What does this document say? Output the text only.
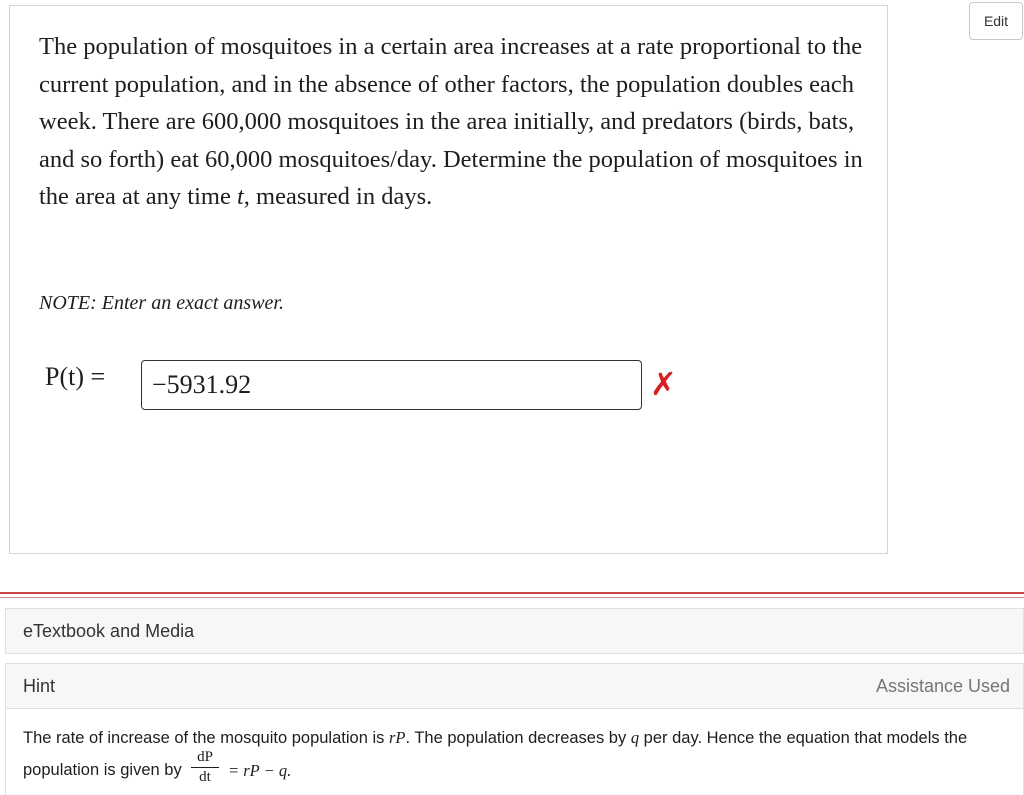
Edit

The population of mosquitoes in a certain area increases at a rate proportional to the current population, and in the absence of other factors, the population doubles each week. There are 600,000 mosquitoes in the area initially, and predators (birds, bats, and so forth) eat 60,000 mosquitoes/day. Determine the population of mosquitoes in the area at any time t, measured in days.

NOTE: Enter an exact answer.
P(t) = −5931.92	✗
eTextbook and Media
Hint	Assistance Used
The rate of increase of the mosquito population is rP. The population decreases by q per day. Hence the equation that models the
population is given by
dP
dt	= rP − q.
